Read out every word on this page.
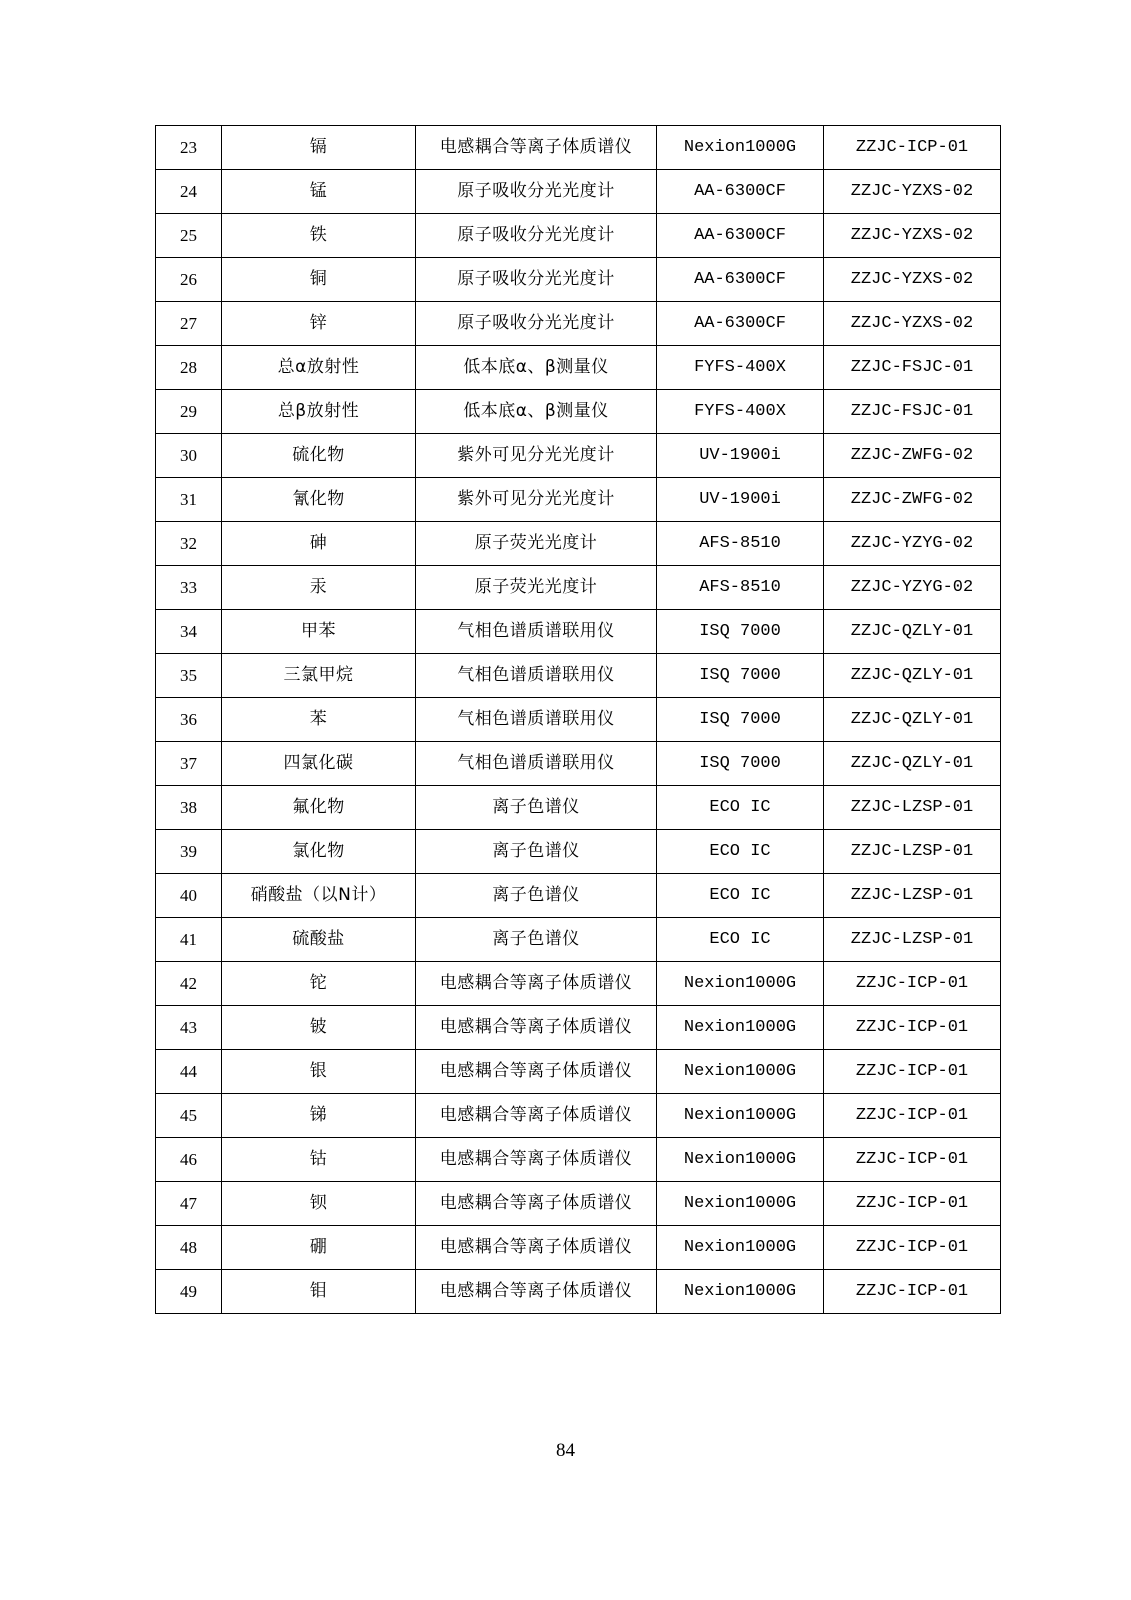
23	镉	电感耦合等离子体质谱仪	Nexion1000G	ZZJC-ICP-01
24	锰	原子吸收分光光度计	AA-6300CF	ZZJC-YZXS-02
25	铁	原子吸收分光光度计	AA-6300CF	ZZJC-YZXS-02
26	铜	原子吸收分光光度计	AA-6300CF	ZZJC-YZXS-02
27	锌	原子吸收分光光度计	AA-6300CF	ZZJC-YZXS-02
28	总α放射性	低本底α、β测量仪	FYFS-400X	ZZJC-FSJC-01
29	总β放射性	低本底α、β测量仪	FYFS-400X	ZZJC-FSJC-01
30	硫化物	紫外可见分光光度计	UV-1900i	ZZJC-ZWFG-02
31	氰化物	紫外可见分光光度计	UV-1900i	ZZJC-ZWFG-02
32	砷	原子荧光光度计	AFS-8510	ZZJC-YZYG-02
33	汞	原子荧光光度计	AFS-8510	ZZJC-YZYG-02
34	甲苯	气相色谱质谱联用仪	ISQ 7000	ZZJC-QZLY-01
35	三氯甲烷	气相色谱质谱联用仪	ISQ 7000	ZZJC-QZLY-01
36	苯	气相色谱质谱联用仪	ISQ 7000	ZZJC-QZLY-01
37	四氯化碳	气相色谱质谱联用仪	ISQ 7000	ZZJC-QZLY-01
38	氟化物	离子色谱仪	ECO IC	ZZJC-LZSP-01
39	氯化物	离子色谱仪	ECO IC	ZZJC-LZSP-01
40	硝酸盐（以N计）	离子色谱仪	ECO IC	ZZJC-LZSP-01
41	硫酸盐	离子色谱仪	ECO IC	ZZJC-LZSP-01
42	铊	电感耦合等离子体质谱仪	Nexion1000G	ZZJC-ICP-01
43	铍	电感耦合等离子体质谱仪	Nexion1000G	ZZJC-ICP-01
44	银	电感耦合等离子体质谱仪	Nexion1000G	ZZJC-ICP-01
45	锑	电感耦合等离子体质谱仪	Nexion1000G	ZZJC-ICP-01
46	钴	电感耦合等离子体质谱仪	Nexion1000G	ZZJC-ICP-01
47	钡	电感耦合等离子体质谱仪	Nexion1000G	ZZJC-ICP-01
48	硼	电感耦合等离子体质谱仪	Nexion1000G	ZZJC-ICP-01
49	钼	电感耦合等离子体质谱仪	Nexion1000G	ZZJC-ICP-01
84
